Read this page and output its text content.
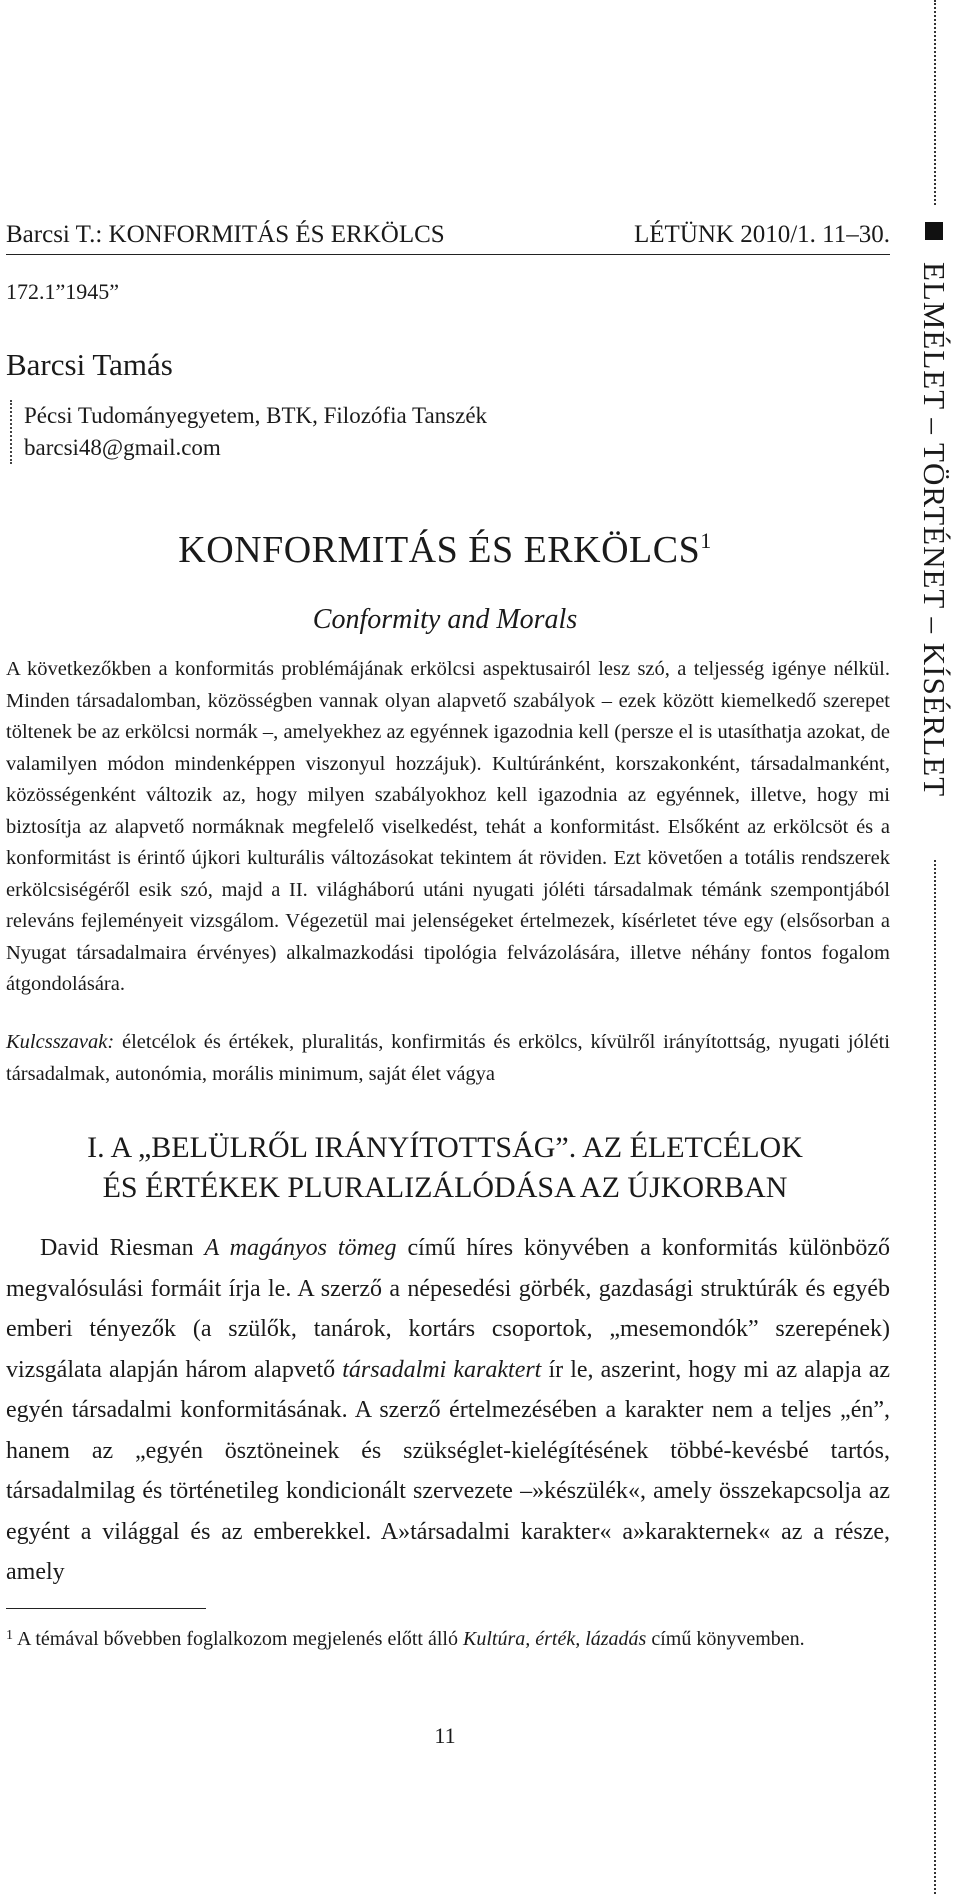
Barcsi T.: KONFORMITÁS ÉS ERKÖLCS	LÉTÜNK 2010/1. 11–30.
172.1”1945”
Barcsi Tamás
Pécsi Tudományegyetem, BTK, Filozófia Tanszék
barcsi48@gmail.com
KONFORMITÁS ÉS ERKÖLCS$^1$
Conformity and Morals
A következőkben a konformitás problémájának erkölcsi aspektusairól lesz szó, a teljesség igénye nélkül. Minden társadalomban, közösségben vannak olyan alapvető szabályok – ezek között kiemelkedő szerepet töltenek be az erkölcsi normák –, amelyekhez az egyénnek igazodnia kell (persze el is utasíthatja azokat, de valamilyen módon mindenképpen viszonyul hozzájuk). Kultúránként, korszakonként, társadalmanként, közösségenként változik az, hogy milyen szabályokhoz kell igazodnia az egyénnek, illetve, hogy mi biztosítja az alapvető normáknak megfelelő viselkedést, tehát a konformitást. Elsőként az erkölcsöt és a konformitást is érintő újkori kulturális változásokat tekintem át röviden. Ezt követően a totális rendszerek erkölcsiségéről esik szó, majd a II. világháború utáni nyugati jóléti társadalmak témánk szempontjából releváns fejleményeit vizsgálom. Végezetül mai jelenségeket értelmezek, kísérletet téve egy (elsősorban a Nyugat társadalmaira érvényes) alkalmazkodási tipológia felvázolására, illetve néhány fontos fogalom átgondolására.
Kulcsszavak: életcélok és értékek, pluralitás, konfirmitás és erkölcs, kívülről irányítottság, nyugati jóléti társadalmak, autonómia, morális minimum, saját élet vágya
I. A „BELÜLRŐL IRÁNYÍTOTTSÁG”. AZ ÉLETCÉLOK
ÉS ÉRTÉKEK PLURALIZÁLÓDÁSA AZ ÚJKORBAN
David Riesman A magányos tömeg című híres könyvében a konformitás különböző megvalósulási formáit írja le. A szerző a népesedési görbék, gazdasági struktúrák és egyéb emberi tényezők (a szülők, tanárok, kortárs csoportok, „mesemondók” szerepének) vizsgálata alapján három alapvető társadalmi karaktert ír le, aszerint, hogy mi az alapja az egyén társadalmi konformitásának. A szerző értelmezésében a karakter nem a teljes „én”, hanem az „egyén ösztöneinek és szükséglet-kielégítésének többé-kevésbé tartós, társadalmilag és történetileg kondicionált szervezete –»készülék«, amely összekapcsolja az egyént a világgal és az emberekkel. A»társadalmi karakter« a»karakternek« az a része, amely
$^1$ A témával bővebben foglalkozom megjelenés előtt álló Kultúra, érték, lázadás című könyvemben.
11
ELMÉLET – TÖRTÉNET – KÍSÉRLET
